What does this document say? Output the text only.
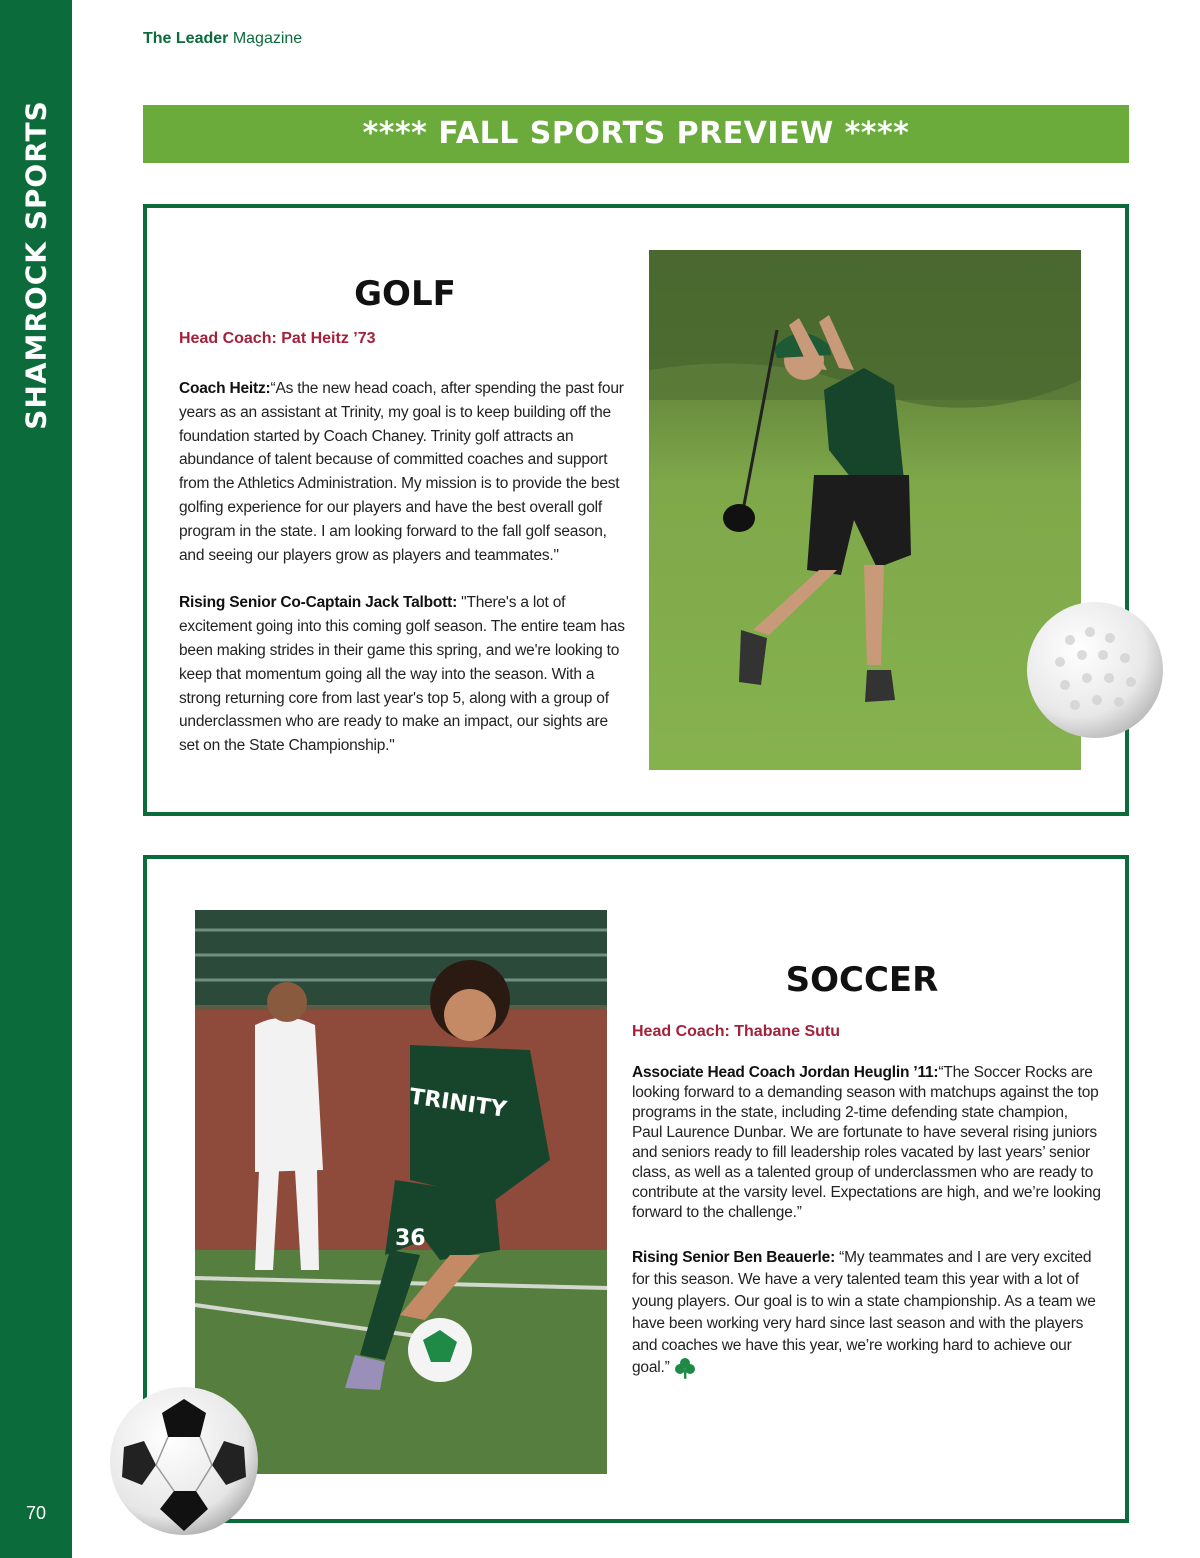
SHAMROCK SPORTS
70
The Leader Magazine
**** FALL SPORTS PREVIEW ****
GOLF
Head Coach: Pat Heitz ’73

Coach Heitz:“As the new head coach, after spending the past four years as an assistant at Trinity, my goal is to keep building off the foundation started by Coach Chaney. Trinity golf attracts an abundance of talent because of committed coaches and support from the Athletics Administration. My mission is to provide the best golfing experience for our players and have the best overall golf program in the state. I am looking forward to the fall golf season, and seeing our players grow as players and teammates."

Rising Senior Co-Captain Jack Talbott: "There's a lot of excitement going into this coming golf season. The entire team has been making strides in their game this spring, and we're looking to keep that momentum going all the way into the season. With a strong returning core from last year's top 5, along with a group of underclassmen who are ready to make an impact, our sights are set on the State Championship."

SOCCER
Head Coach: Thabane Sutu

Associate Head Coach Jordan Heuglin ’11:“The Soccer Rocks are looking forward to a demanding season with matchups against the top programs in the state, including 2-time defending state champion, Paul Laurence Dunbar. We are fortunate to have several rising juniors and seniors ready to fill leadership roles vacated by last years’ senior class, as well as a talented group of underclassmen who are ready to contribute at the varsity level. Expectations are high, and we’re looking forward to the challenge.”

Rising Senior Ben Beauerle: “My teammates and I are very excited for this season. We have a very talented team this year with a lot of young players. Our goal is to win a state championship. As a team we have been working very hard since last season and with the players and coaches we have this year, we’re working hard to achieve our goal.”

TRINITY
36
